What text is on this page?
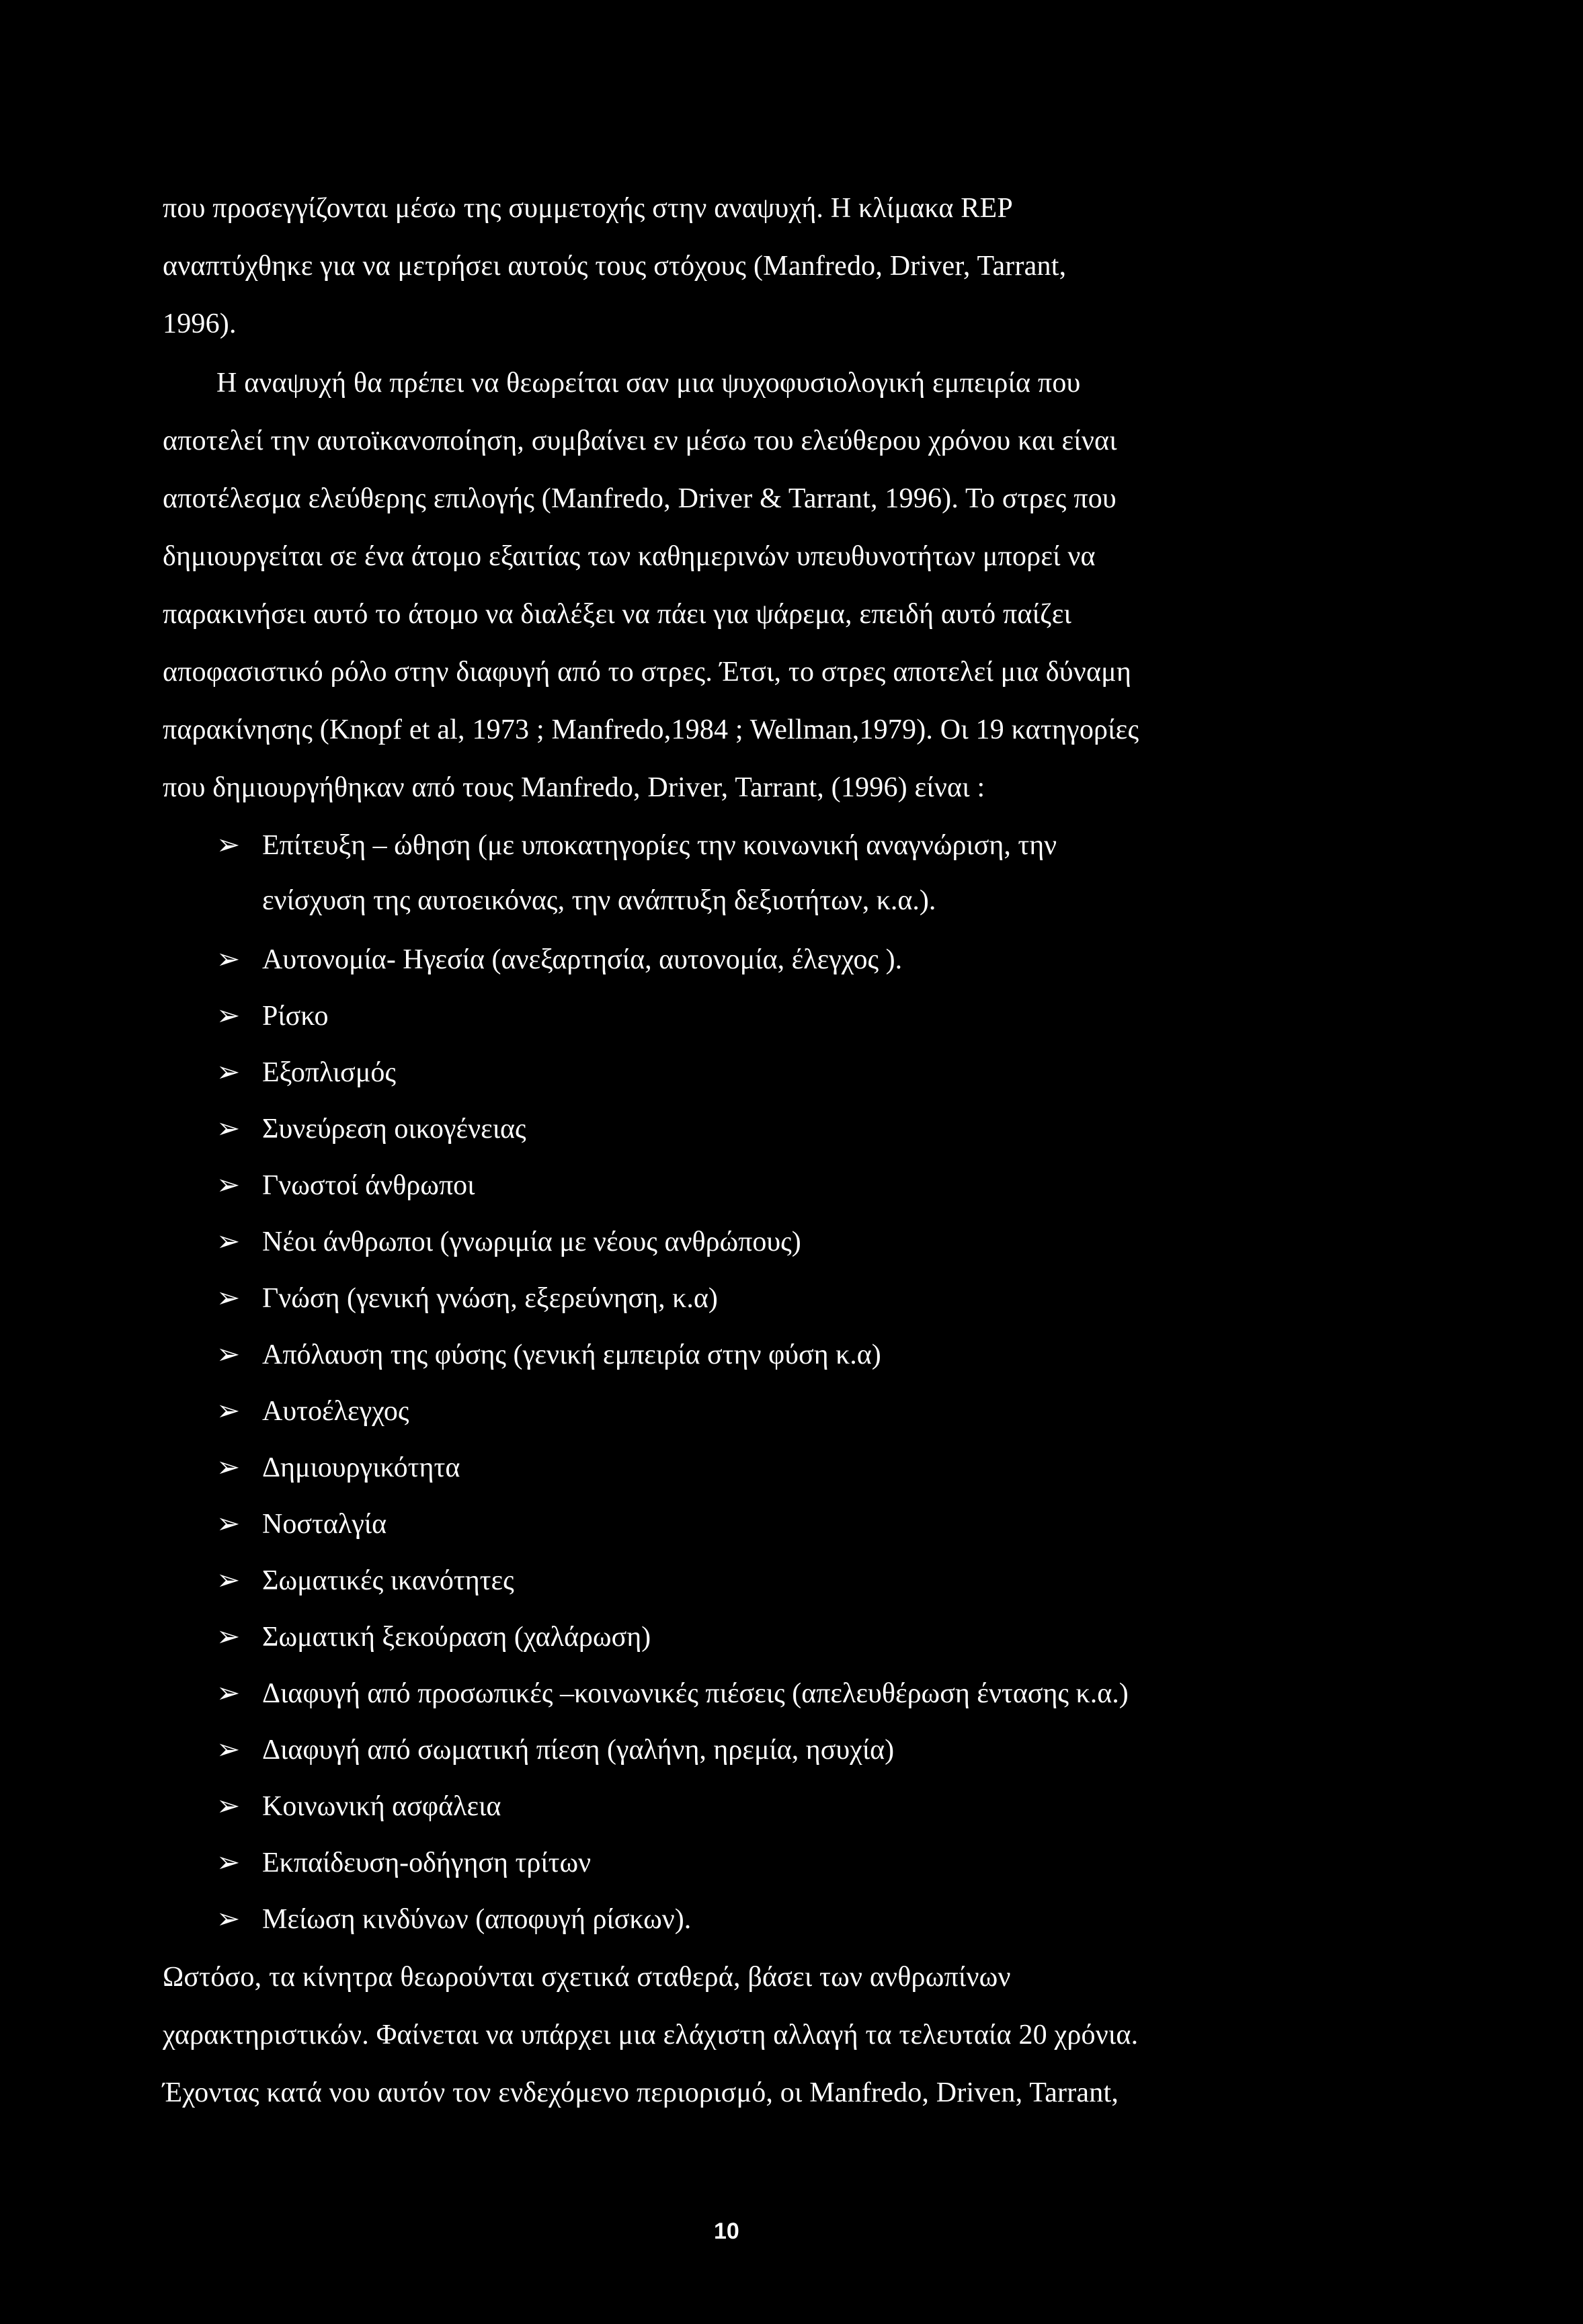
που προσεγγίζονται μέσω της συμμετοχής στην αναψυχή. Η κλίμακα REP
αναπτύχθηκε για να μετρήσει αυτούς τους στόχους (Manfredo, Driver, Tarrant,
1996).
Η αναψυχή θα πρέπει να θεωρείται σαν μια ψυχοφυσιολογική εμπειρία που
αποτελεί την αυτοϊκανοποίηση, συμβαίνει εν μέσω του ελεύθερου χρόνου και είναι
αποτέλεσμα ελεύθερης επιλογής (Manfredo, Driver & Tarrant, 1996). Το στρες που
δημιουργείται σε ένα άτομο εξαιτίας των καθημερινών υπευθυνοτήτων μπορεί να
παρακινήσει αυτό το άτομο να διαλέξει να πάει για ψάρεμα, επειδή αυτό παίζει
αποφασιστικό ρόλο στην διαφυγή από το στρες. Έτσι, το στρες αποτελεί μια δύναμη
παρακίνησης (Knopf et al, 1973 ; Manfredo,1984 ; Wellman,1979). Οι 19 κατηγορίες
που δημιουργήθηκαν από τους Manfredo, Driver, Tarrant, (1996) είναι :
➢ Επίτευξη – ώθηση (με υποκατηγορίες την κοινωνική αναγνώριση, την
ενίσχυση της αυτοεικόνας, την ανάπτυξη δεξιοτήτων, κ.α.).
➢ Αυτονομία- Ηγεσία (ανεξαρτησία, αυτονομία, έλεγχος ).
➢ Ρίσκο
➢ Εξοπλισμός
➢ Συνεύρεση οικογένειας
➢ Γνωστοί άνθρωποι
➢ Νέοι άνθρωποι (γνωριμία με νέους ανθρώπους)
➢ Γνώση (γενική γνώση, εξερεύνηση, κ.α)
➢ Απόλαυση της φύσης (γενική εμπειρία στην φύση κ.α)
➢ Αυτοέλεγχος
➢ Δημιουργικότητα
➢ Νοσταλγία
➢ Σωματικές ικανότητες
➢ Σωματική ξεκούραση (χαλάρωση)
➢ Διαφυγή από προσωπικές –κοινωνικές πιέσεις (απελευθέρωση έντασης κ.α.)
➢ Διαφυγή από σωματική πίεση (γαλήνη, ηρεμία, ησυχία)
➢ Κοινωνική ασφάλεια
➢ Εκπαίδευση-οδήγηση τρίτων
➢ Μείωση κινδύνων (αποφυγή ρίσκων).
Ωστόσο, τα κίνητρα θεωρούνται σχετικά σταθερά, βάσει των ανθρωπίνων
χαρακτηριστικών. Φαίνεται να υπάρχει μια ελάχιστη αλλαγή τα τελευταία 20 χρόνια.
Έχοντας κατά νου αυτόν τον ενδεχόμενο περιορισμό, οι Manfredo, Driven, Tarrant,
10
